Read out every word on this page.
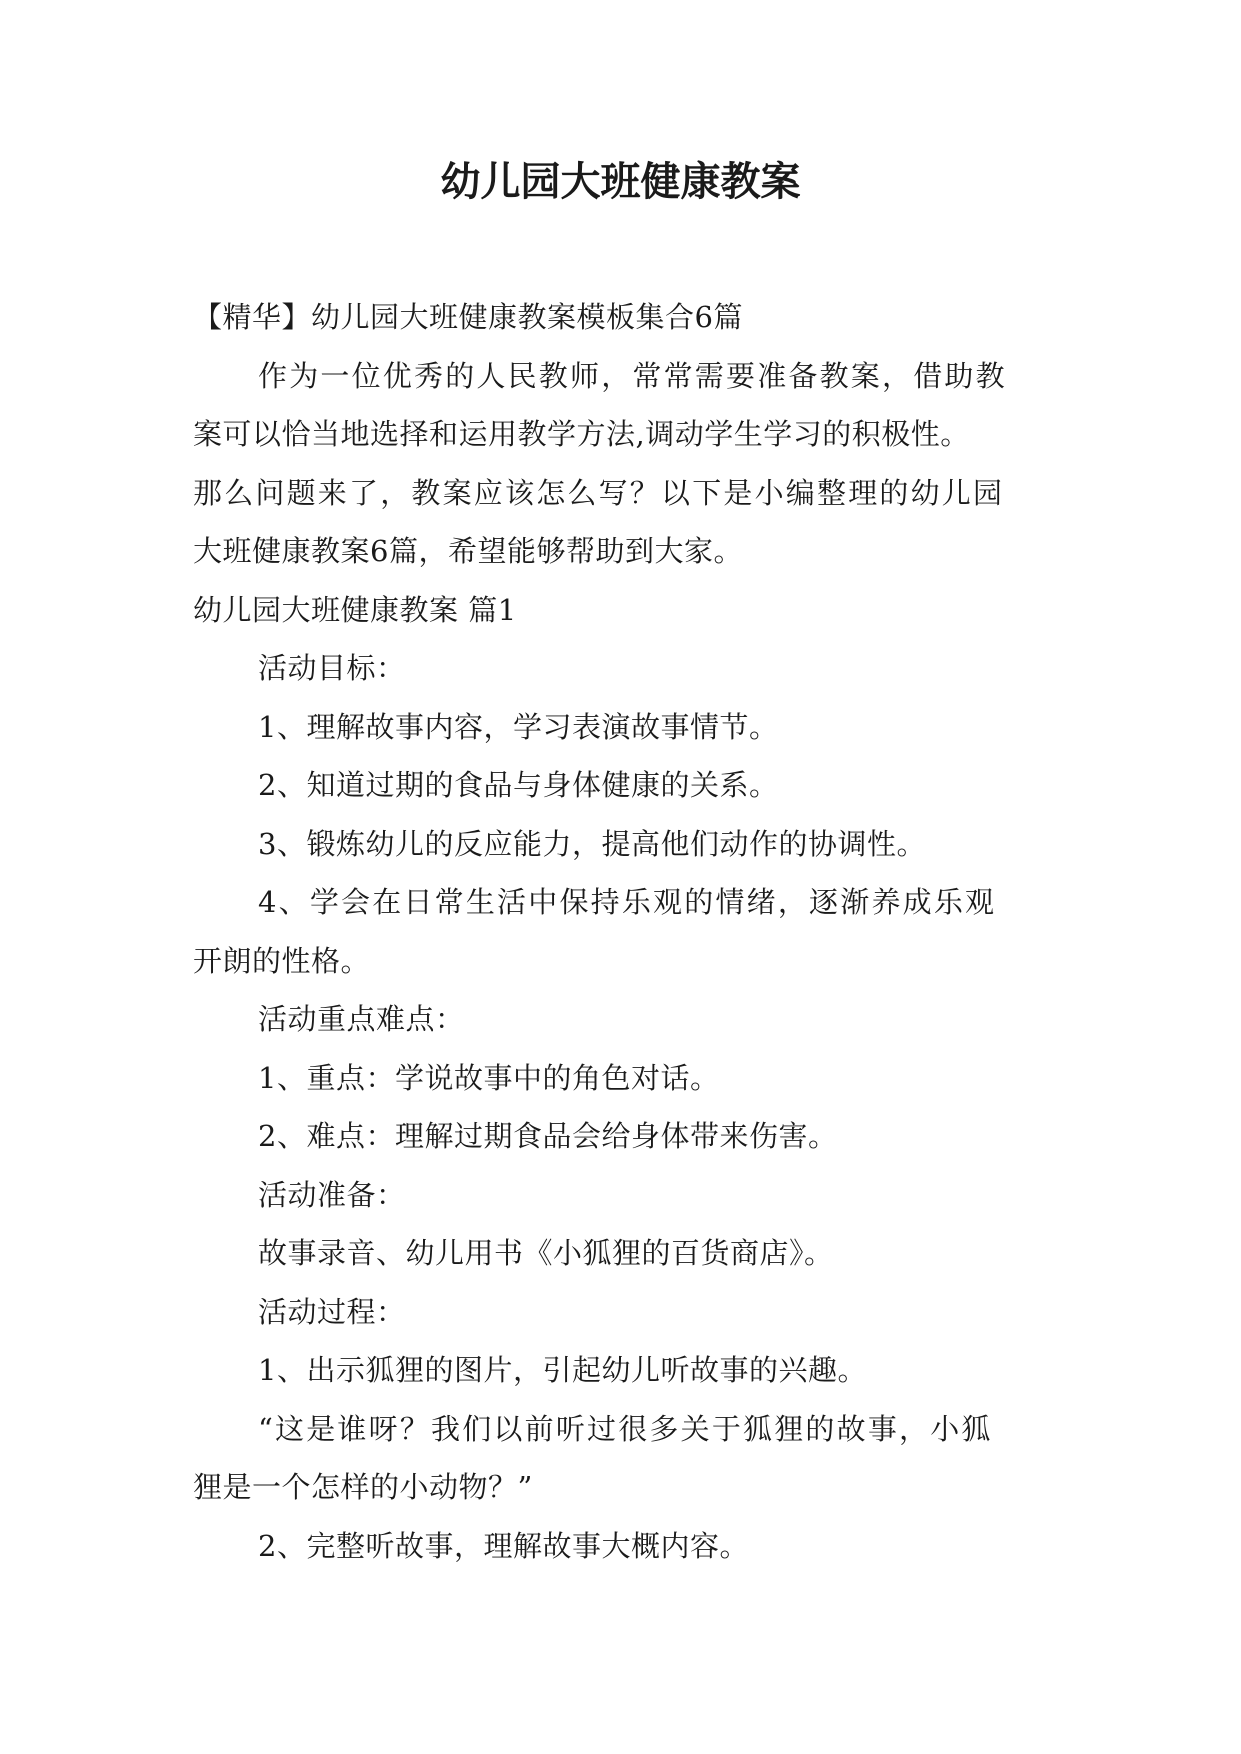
幼儿园大班健康教案
【精华】幼儿园大班健康教案模板集合6篇
作为一位优秀的人民教师，常常需要准备教案，借助教
案可以恰当地选择和运用教学方法,调动学生学习的积极性。
那么问题来了，教案应该怎么写？以下是小编整理的幼儿园
大班健康教案6篇，希望能够帮助到大家。
幼儿园大班健康教案 篇1
活动目标：
1、理解故事内容，学习表演故事情节。
2、知道过期的食品与身体健康的关系。
3、锻炼幼儿的反应能力，提高他们动作的协调性。
4、学会在日常生活中保持乐观的情绪，逐渐养成乐观
开朗的性格。
活动重点难点：
1、重点：学说故事中的角色对话。
2、难点：理解过期食品会给身体带来伤害。
活动准备：
故事录音、幼儿用书《小狐狸的百货商店》。
活动过程：
1、出示狐狸的图片，引起幼儿听故事的兴趣。
“这是谁呀？我们以前听过很多关于狐狸的故事，小狐
狸是一个怎样的小动物？”
2、完整听故事，理解故事大概内容。
